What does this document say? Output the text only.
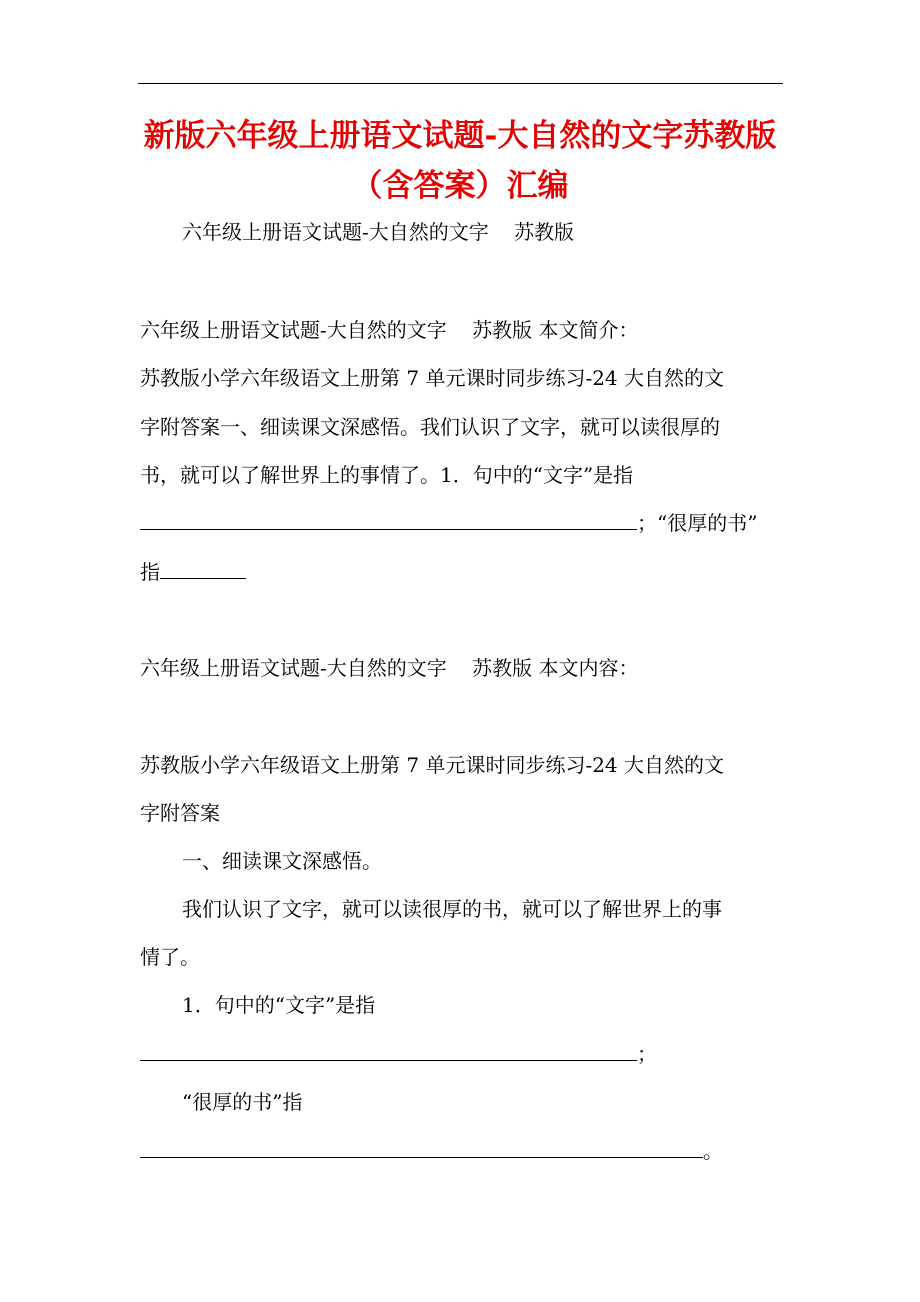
新版六年级上册语文试题-大自然的文字苏教版
（含答案）汇编
六年级上册语文试题-大自然的文字    苏教版
六年级上册语文试题-大自然的文字    苏教版 本文简介：
苏教版小学六年级语文上册第 7 单元课时同步练习-24 大自然的文
字附答案一、细读课文深感悟。我们认识了文字，就可以读很厚的
书，就可以了解世界上的事情了。1．句中的“文字”是指
；“很厚的书”
指
六年级上册语文试题-大自然的文字    苏教版 本文内容：
苏教版小学六年级语文上册第 7 单元课时同步练习-24 大自然的文
字附答案
一、细读课文深感悟。
我们认识了文字，就可以读很厚的书，就可以了解世界上的事
情了。
1．句中的“文字”是指
；
“很厚的书”指
。
